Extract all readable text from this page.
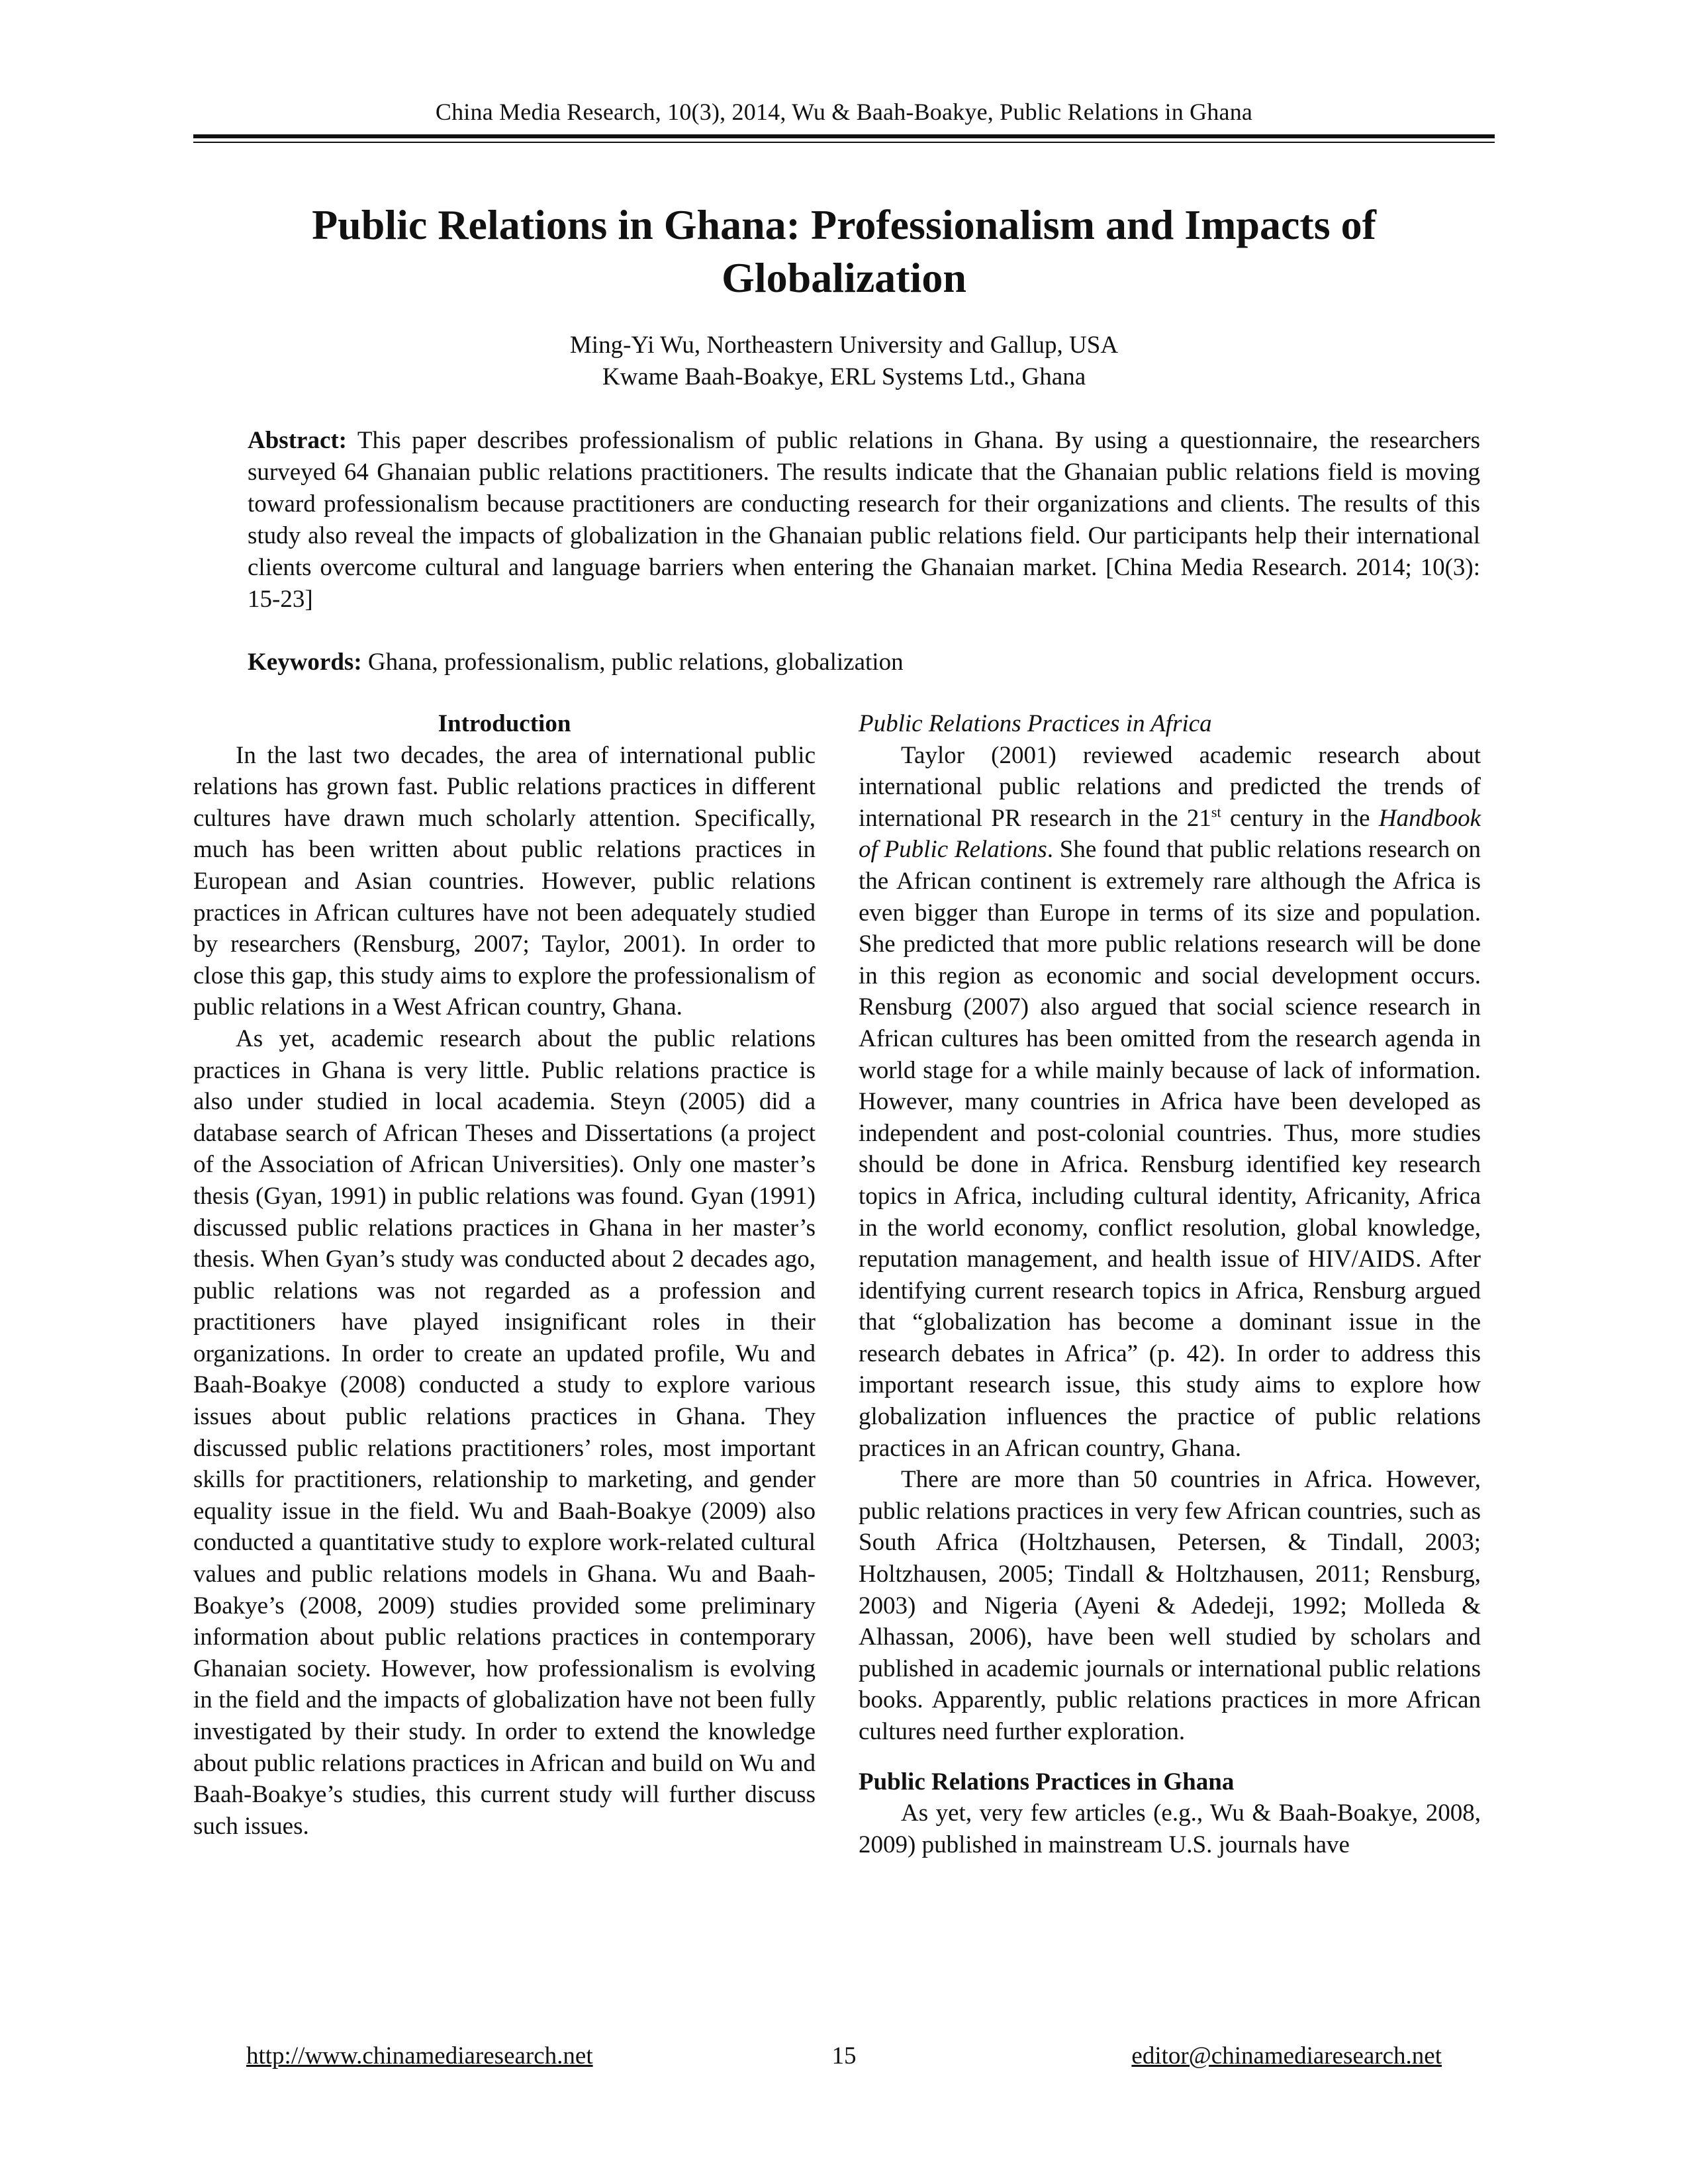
China Media Research, 10(3), 2014, Wu & Baah-Boakye, Public Relations in Ghana
Public Relations in Ghana: Professionalism and Impacts of Globalization
Ming-Yi Wu, Northeastern University and Gallup, USA
Kwame Baah-Boakye, ERL Systems Ltd., Ghana

Abstract: This paper describes professionalism of public relations in Ghana. By using a questionnaire, the researchers surveyed 64 Ghanaian public relations practitioners. The results indicate that the Ghanaian public relations field is moving toward professionalism because practitioners are conducting research for their organizations and clients. The results of this study also reveal the impacts of globalization in the Ghanaian public relations field. Our participants help their international clients overcome cultural and language barriers when entering the Ghanaian market. [China Media Research. 2014; 10(3): 15-23]

Keywords: Ghana, professionalism, public relations, globalization

Introduction

In the last two decades, the area of international public relations has grown fast. Public relations practices in different cultures have drawn much scholarly attention. Specifically, much has been written about public relations practices in European and Asian countries. However, public relations practices in African cultures have not been adequately studied by researchers (Rensburg, 2007; Taylor, 2001). In order to close this gap, this study aims to explore the professionalism of public relations in a West African country, Ghana.

As yet, academic research about the public relations practices in Ghana is very little. Public relations practice is also under studied in local academia. Steyn (2005) did a database search of African Theses and Dissertations (a project of the Association of African Universities). Only one master’s thesis (Gyan, 1991) in public relations was found. Gyan (1991) discussed public relations practices in Ghana in her master’s thesis. When Gyan’s study was conducted about 2 decades ago, public relations was not regarded as a profession and practitioners have played insignificant roles in their organizations. In order to create an updated profile, Wu and Baah-Boakye (2008) conducted a study to explore various issues about public relations practices in Ghana. They discussed public relations practitioners’ roles, most important skills for practitioners, relationship to marketing, and gender equality issue in the field. Wu and Baah-Boakye (2009) also conducted a quantitative study to explore work-related cultural values and public relations models in Ghana. Wu and Baah-Boakye’s (2008, 2009) studies provided some preliminary information about public relations practices in contemporary Ghanaian society. However, how professionalism is evolving in the field and the impacts of globalization have not been fully investigated by their study. In order to extend the knowledge about public relations practices in African and build on Wu and Baah-Boakye’s studies, this current study will further discuss such issues.

Public Relations Practices in Africa

Taylor (2001) reviewed academic research about international public relations and predicted the trends of international PR research in the 21st century in the Handbook of Public Relations. She found that public relations research on the African continent is extremely rare although the Africa is even bigger than Europe in terms of its size and population. She predicted that more public relations research will be done in this region as economic and social development occurs. Rensburg (2007) also argued that social science research in African cultures has been omitted from the research agenda in world stage for a while mainly because of lack of information. However, many countries in Africa have been developed as independent and post-colonial countries. Thus, more studies should be done in Africa. Rensburg identified key research topics in Africa, including cultural identity, Africanity, Africa in the world economy, conflict resolution, global knowledge, reputation management, and health issue of HIV/AIDS. After identifying current research topics in Africa, Rensburg argued that “globalization has become a dominant issue in the research debates in Africa” (p. 42). In order to address this important research issue, this study aims to explore how globalization influences the practice of public relations practices in an African country, Ghana.

There are more than 50 countries in Africa. However, public relations practices in very few African countries, such as South Africa (Holtzhausen, Petersen, & Tindall, 2003; Holtzhausen, 2005; Tindall & Holtzhausen, 2011; Rensburg, 2003) and Nigeria (Ayeni & Adedeji, 1992; Molleda & Alhassan, 2006), have been well studied by scholars and published in academic journals or international public relations books. Apparently, public relations practices in more African cultures need further exploration.

Public Relations Practices in Ghana

As yet, very few articles (e.g., Wu & Baah-Boakye, 2008, 2009) published in mainstream U.S. journals have

http://www.chinamediaresearch.net	15	editor@chinamediaresearch.net
